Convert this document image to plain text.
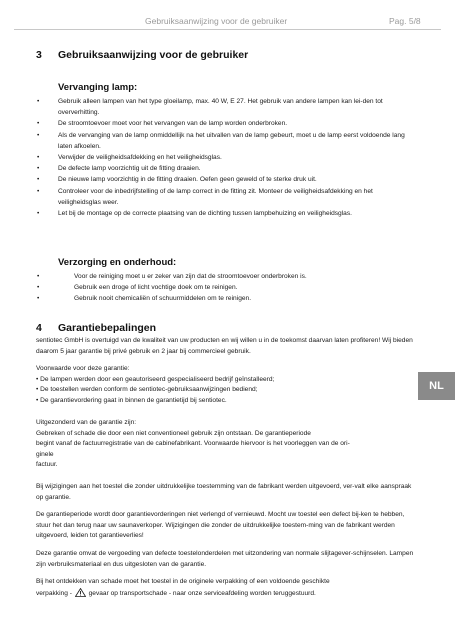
Gebruiksaanwijzing voor de gebruiker	Pag. 5/8
3 Gebruiksaanwijzing voor de gebruiker
Vervanging lamp:
•	Gebruik alleen lampen van het type gloeilamp, max. 40 W, E 27. Het gebruik van andere lampen kan lei-den tot oververhitting.
•	De stroomtoevoer moet voor het vervangen van de lamp worden onderbroken.
•	Als de vervanging van de lamp onmiddellijk na het uitvallen van de lamp gebeurt, moet u de lamp eerst voldoende lang laten afkoelen.
•	Verwijder de veiligheidsafdekking en het veiligheidsglas.
•	De defecte lamp voorzichtig uit de fitting draaien.
•	De nieuwe lamp voorzichtig in de fitting draaien. Oefen geen geweld of te sterke druk uit.
•	Controleer voor de inbedrijfstelling of de lamp correct in de fitting zit. Monteer de veiligheidsafdekking en het veiligheidsglas weer.
•	Let bij de montage op de correcte plaatsing van de dichting tussen lampbehuizing en veiligheidsglas.
Verzorging en onderhoud:
•	Voor de reiniging moet u er zeker van zijn dat de stroomtoevoer onderbroken is.
•	Gebruik een droge of licht vochtige doek om te reinigen.
•	Gebruik nooit chemicaliën of schuurmiddelen om te reinigen.
4 Garantiebepalingen

sentiotec GmbH is overtuigd van de kwaliteit van uw producten en wij willen u in de toekomst daarvan laten profiteren! Wij bieden daarom 5 jaar garantie bij privé gebruik en 2 jaar bij commercieel gebruik.

Voorwaarde voor deze garantie:

• De lampen werden door een geautoriseerd gespecialiseerd bedrijf geïnstalleerd;

• De toestellen werden conform de sentiotec-gebruiksaanwijzingen bediend;

• De garantievordering gaat in binnen de garantietijd bij sentiotec.

Uitgezonderd van de garantie zijn:

Gebreken of schade die door een niet conventioneel gebruik zijn ontstaan. De garantieperiode

begint vanaf de factuurregistratie van de cabinefabrikant. Voorwaarde hiervoor is het voorleggen van de ori-

ginele

factuur.

Bij wijzigingen aan het toestel die zonder uitdrukkelijke toestemming van de fabrikant werden uitgevoerd, ver-valt elke aanspraak op garantie.

De garantieperiode wordt door garantievorderingen niet verlengd of vernieuwd. Mocht uw toestel een defect bij-ken te hebben, stuur het dan terug naar uw saunaverkoper. Wijzigingen die zonder de uitdrukkelijke toestem-ming van de fabrikant werden uitgevoerd, leiden tot garantieverlies!

Deze garantie omvat de vergoeding van defecte toestelonderdelen met uitzondering van normale slijtagever-schijnselen. Lampen zijn verbruiksmateriaal en dus uitgesloten van de garantie.

Bij het ontdekken van schade moet het toestel in de originele verpakking of een voldoende geschikte

verpakking -	gevaar op transportschade - naar onze serviceafdeling worden teruggestuurd.

NL
